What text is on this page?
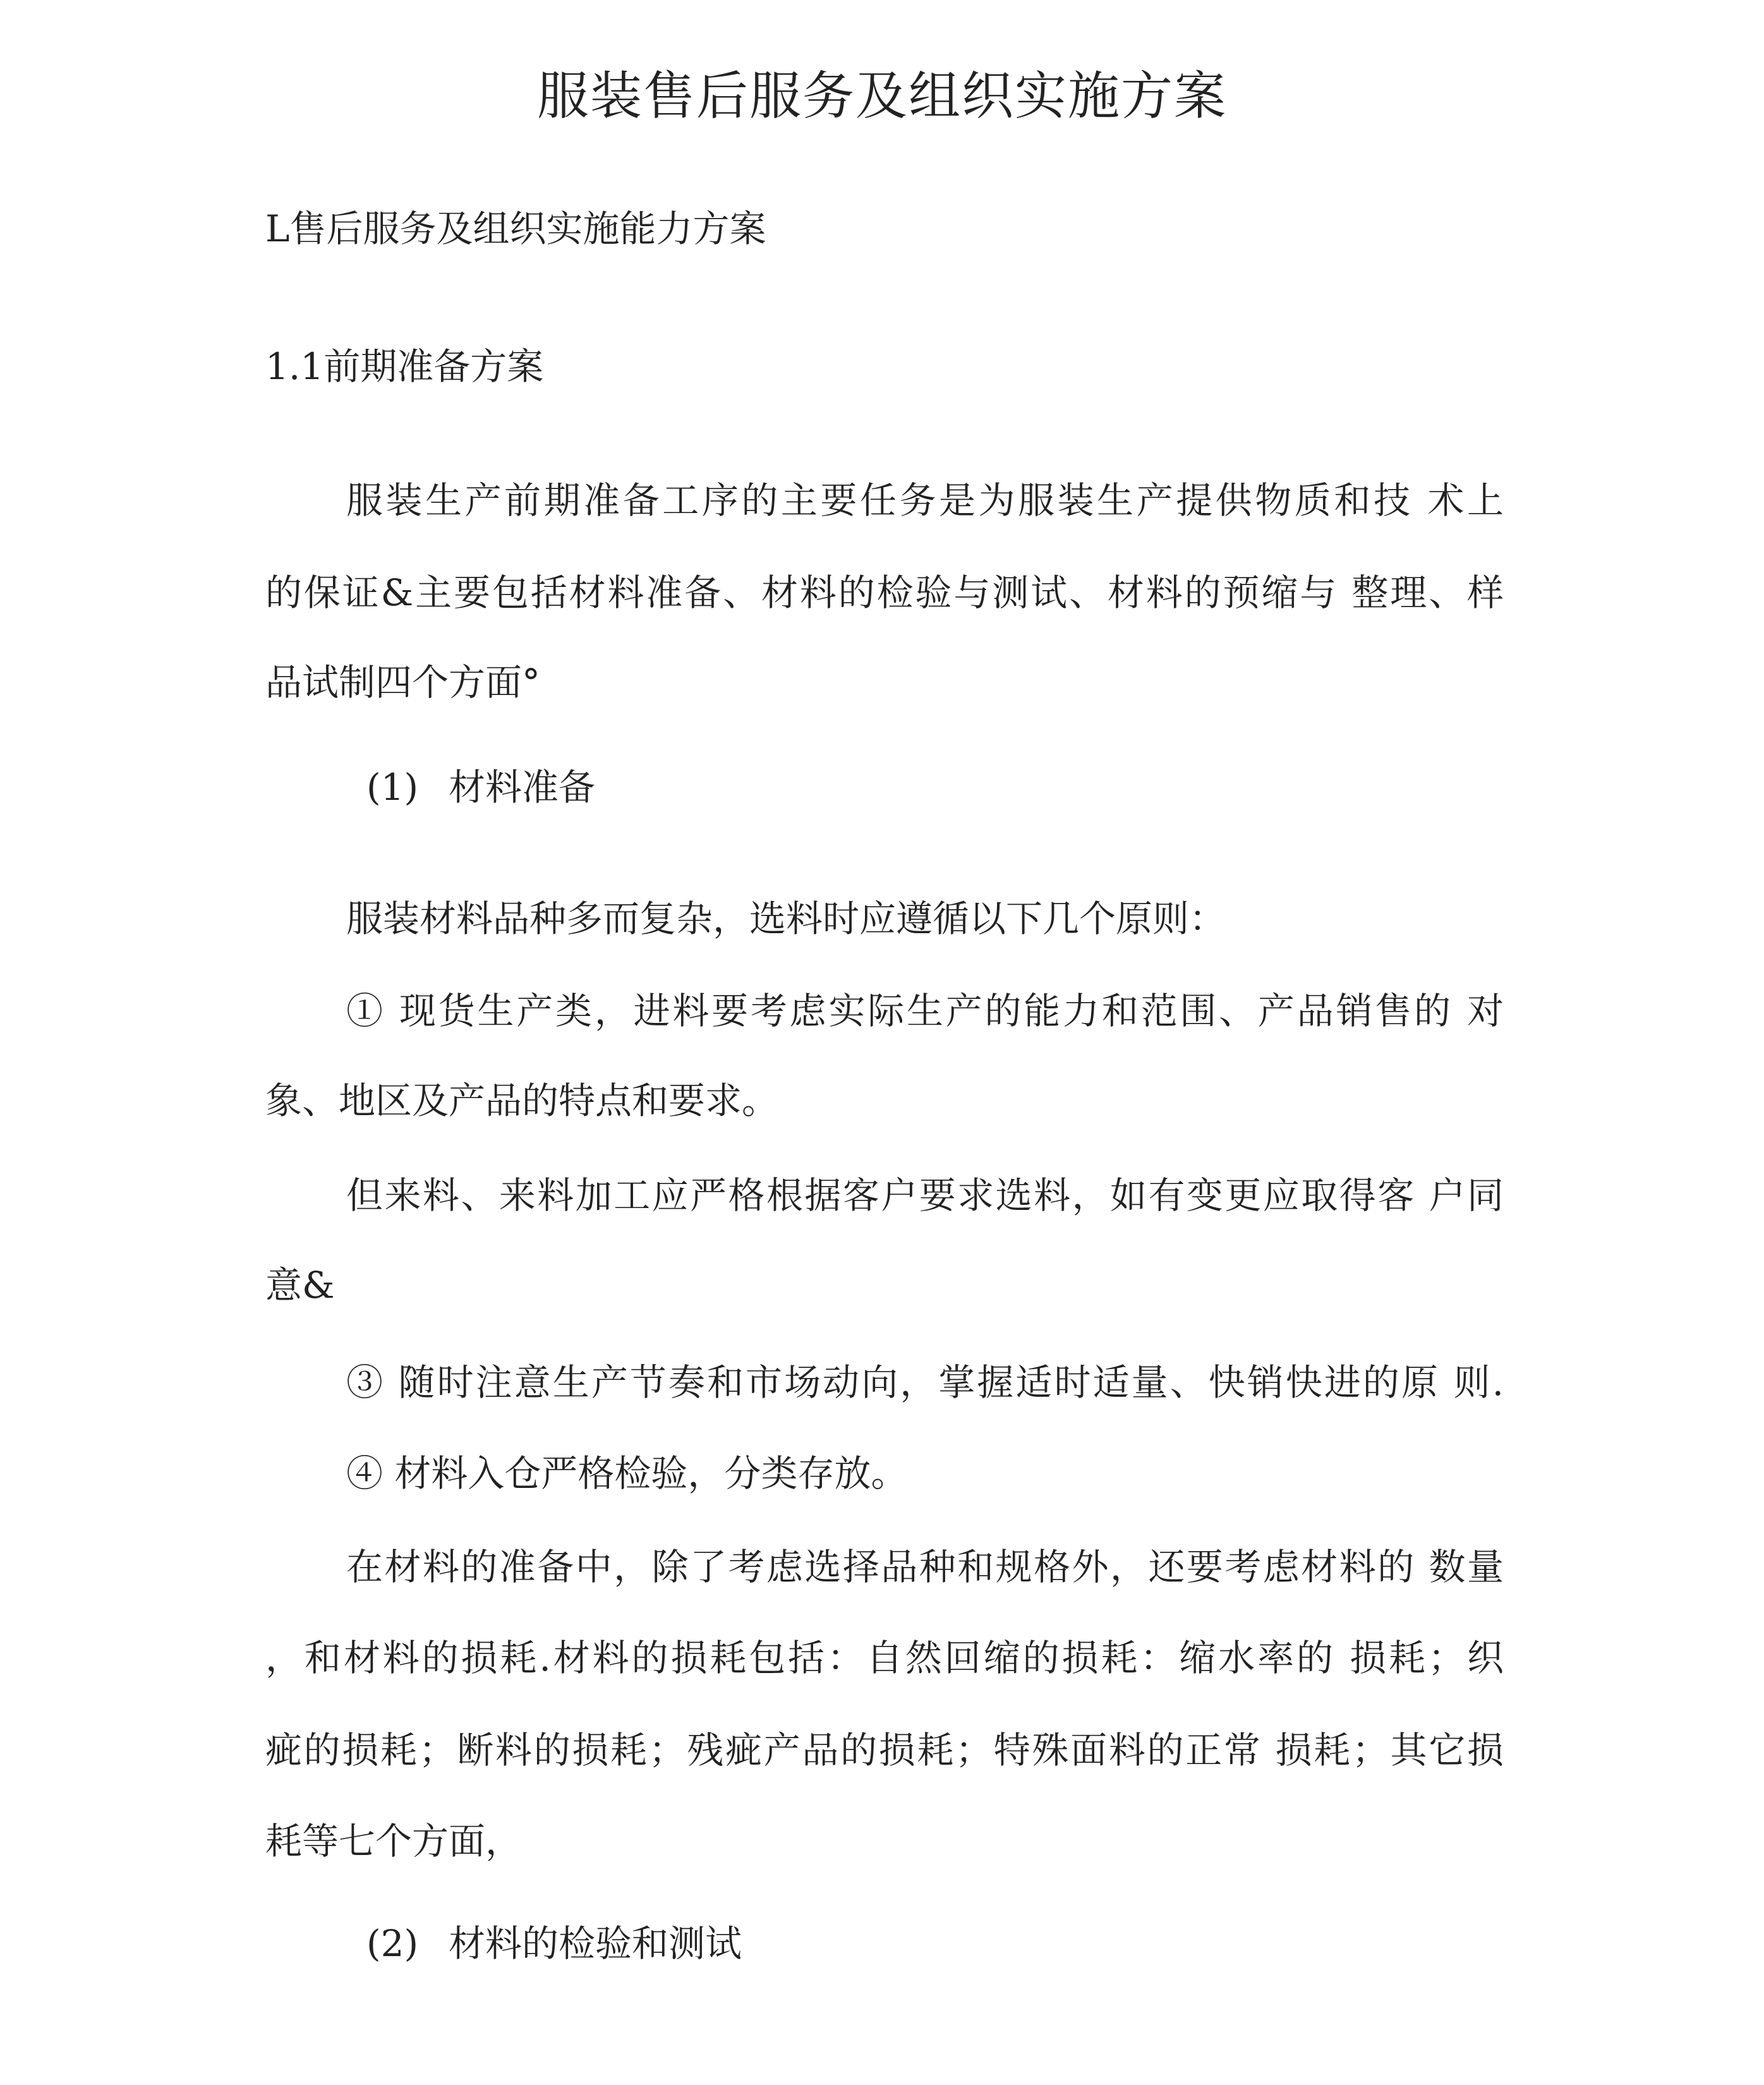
服装售后服务及组织实施方案
L售后服务及组织实施能力方案
1.1前期准备方案

服装生产前期准备工序的主要任务是为服装生产提供物质和技 术上

的保证&主要包括材料准备、材料的检验与测试、材料的预缩与 整理、样

品试制四个方面°

(1) 材料准备

服装材料品种多而复杂，选料时应遵循以下几个原则：

① 现货生产类，进料要考虑实际生产的能力和范围、产品销售的 对

象、地区及产品的特点和要求。

但来料、来料加工应严格根据客户要求选料，如有变更应取得客 户同

意&

③ 随时注意生产节奏和市场动向，掌握适时适量、快销快进的原 则.

④ 材料入仓严格检验，分类存放。

在材料的准备中，除了考虑选择品种和规格外，还要考虑材料的 数量

，和材料的损耗.材料的损耗包括：自然回缩的损耗：缩水率的 损耗；织

疵的损耗；断料的损耗；残疵产品的损耗；特殊面料的正常 损耗；其它损

耗等七个方面，

(2) 材料的检验和测试
